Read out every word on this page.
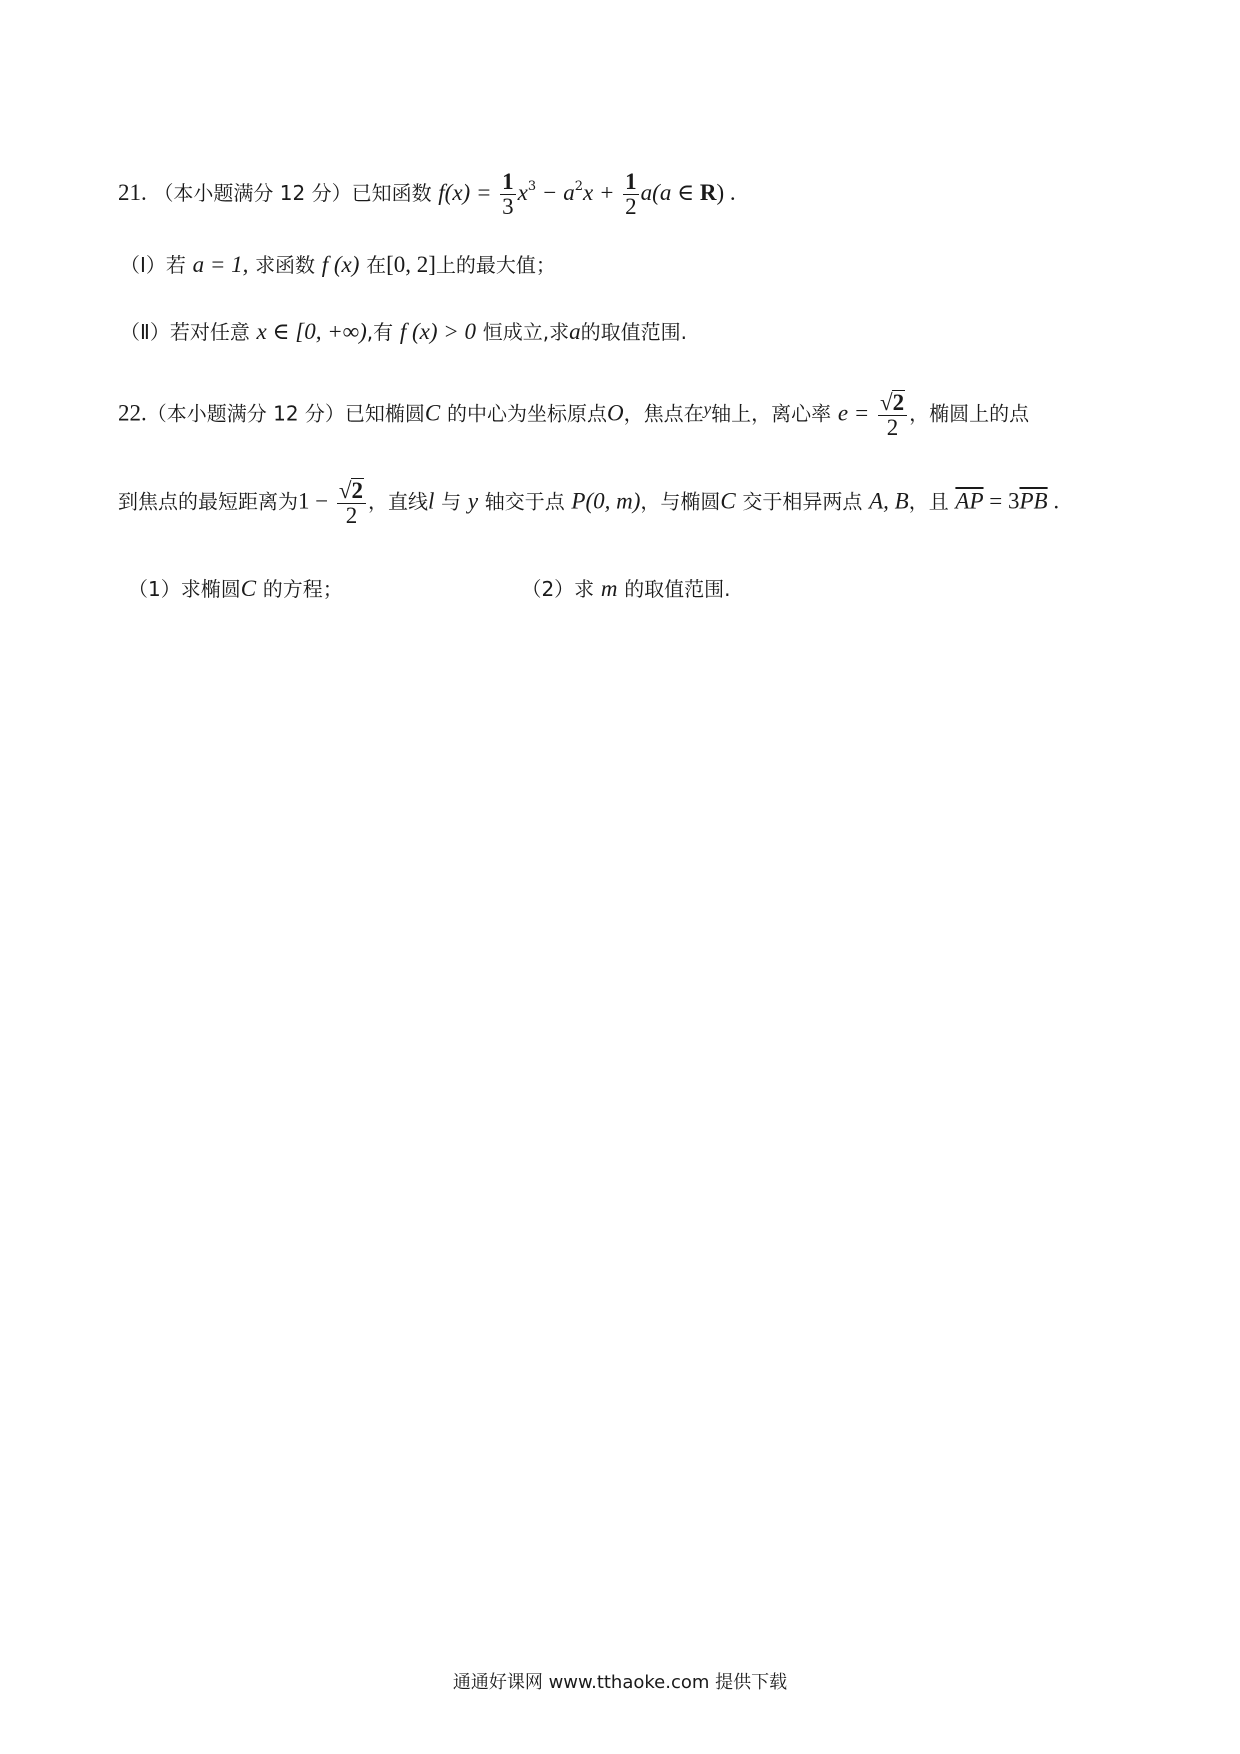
21. （本小题满分 12 分）已知函数 $f(x) = \frac{1}{3} x^3 - a^2x + \frac{1}{2} a(a$ ∈ R) .
（Ⅰ）若 a = 1, 求函数 f (x) 在[0, 2]上的最大值；
（Ⅱ）若对任意 x ∈ [0, +∞),有 f (x) > 0 恒成立,求a的取值范围.
22.（本小题满分 12 分）已知椭圆C 的中心为坐标原点O，焦点在$^y$轴上，离心率 $e = \frac{√2}{2}$ ，椭圆上的点
到焦点的最短距离为$1 - \frac{√2}{2}$ ，直线l 与 y 轴交于点 P(0, m)，与椭圆C 交于相异两点 A, B，且 $\overline{AP} = 3\overline{PB}$ .
（1）求椭圆C 的方程；	（2）求 m 的取值范围.
通通好课网 www.tthaoke.com 提供下载
